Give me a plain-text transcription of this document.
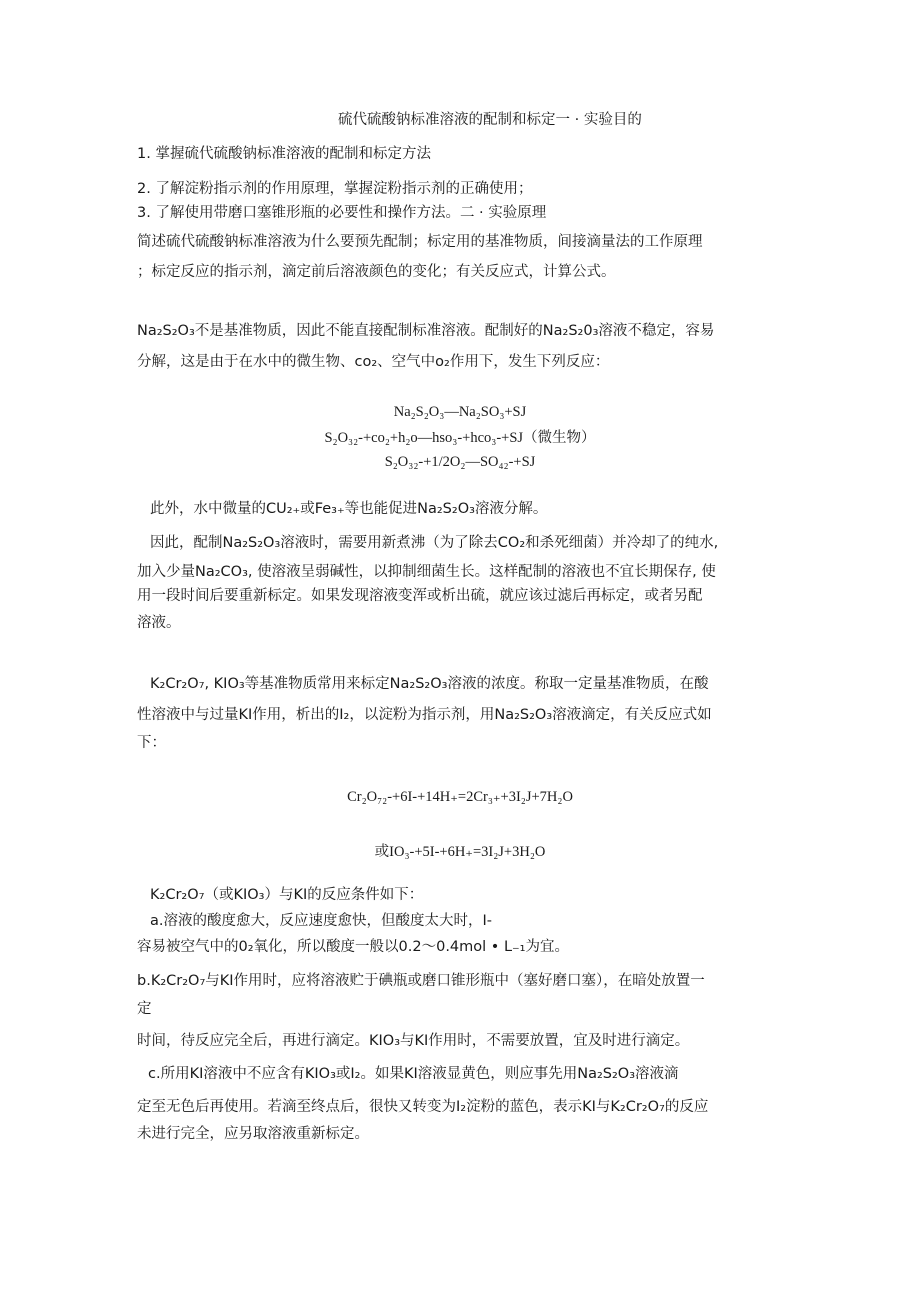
硫代硫酸钠标准溶液的配制和标定一 · 实验目的
1. 掌握硫代硫酸钠标准溶液的配制和标定方法
2. 了解淀粉指示剂的作用原理，掌握淀粉指示剂的正确使用；
3. 了解使用带磨口塞锥形瓶的必要性和操作方法。二 · 实验原理
简述硫代硫酸钠标准溶液为什么要预先配制；标定用的基准物质，间接滴量法的工作原理
；标定反应的指示剂，滴定前后溶液颜色的变化；有关反应式，计算公式。
Na₂S₂O₃不是基准物质，因此不能直接配制标准溶液。配制好的Na₂S₂0₃溶液不稳定，容易
分解，这是由于在水中的微生物、co₂、空气中o₂作用下，发生下列反应：
Na₂S₂O₃—Na₂SO₃+SJ
S₂O₃₂-+co₂+h₂o—hso₃-+hco₃-+SJ（微生物）
S₂O₃₂-+1/2O₂—SO₄₂-+SJ
此外，水中微量的CU₂₊或Fe₃₊等也能促进Na₂S₂O₃溶液分解。
因此，配制Na₂S₂O₃溶液时，需要用新煮沸（为了除去CO₂和杀死细菌）并冷却了的纯水,
加入少量Na₂CO₃, 使溶液呈弱碱性，以抑制细菌生长。这样配制的溶液也不宜长期保存, 使
用一段时间后要重新标定。如果发现溶液变浑或析出硫，就应该过滤后再标定，或者另配
溶液。
K₂Cr₂O₇, KIO₃等基准物质常用来标定Na₂S₂O₃溶液的浓度。称取一定量基准物质，在酸
性溶液中与过量KI作用，析出的I₂，以淀粉为指示剂，用Na₂S₂O₃溶液滴定，有关反应式如
下：
Cr₂O₇₂-+6I-+14H₊=2Cr₃₊+3I₂J+7H₂O
或IO₃-+5I-+6H₊=3I₂J+3H₂O
K₂Cr₂O₇（或KIO₃）与KI的反应条件如下：
a.溶液的酸度愈大，反应速度愈快，但酸度太大时，I-
容易被空气中的0₂氧化，所以酸度一般以0.2～0.4mol • L₋₁为宜。
b.K₂Cr₂O₇与KI作用时，应将溶液贮于碘瓶或磨口锥形瓶中（塞好磨口塞），在暗处放置一
定
时间，待反应完全后，再进行滴定。KIO₃与KI作用时，不需要放置，宜及时进行滴定。
c.所用KI溶液中不应含有KIO₃或I₂。如果KI溶液显黄色，则应事先用Na₂S₂O₃溶液滴
定至无色后再使用。若滴至终点后，很快又转变为I₂淀粉的蓝色，表示KI与K₂Cr₂O₇的反应
未进行完全，应另取溶液重新标定。
